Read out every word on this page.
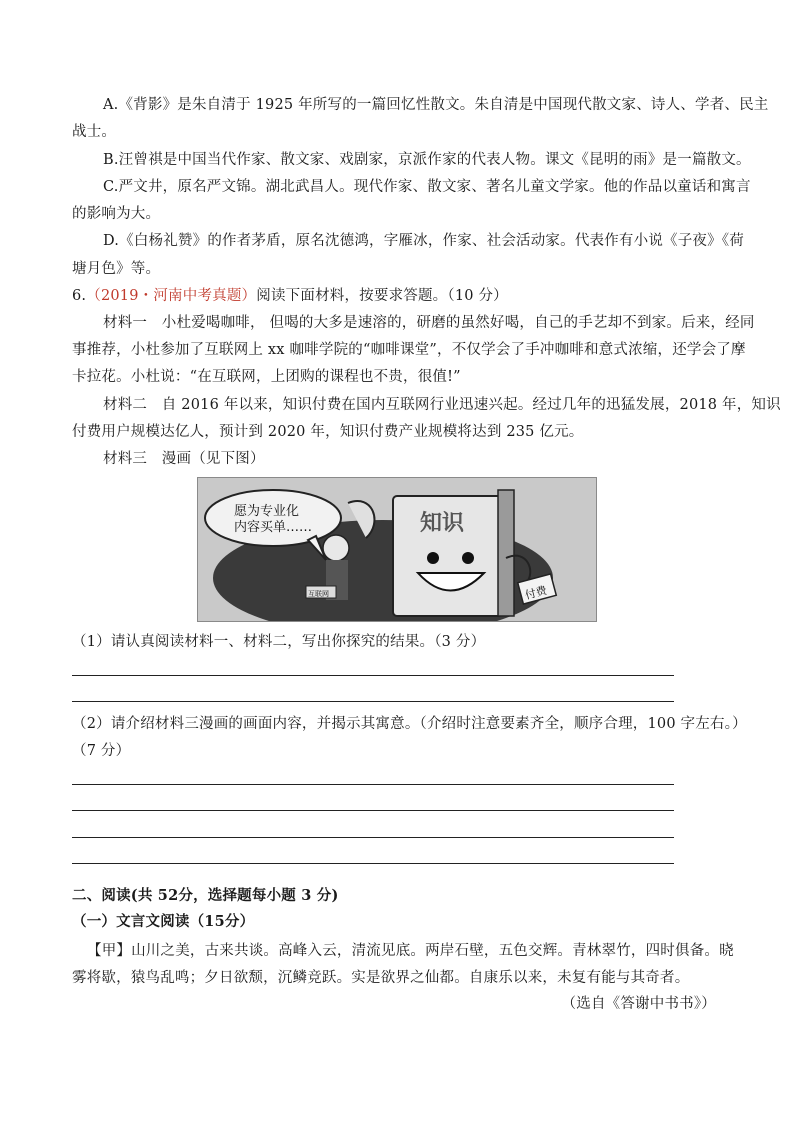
A.《背影》是朱自清于 1925 年所写的一篇回忆性散文。朱自清是中国现代散文家、诗人、学者、民主
战士。
B.汪曾祺是中国当代作家、散文家、戏剧家，京派作家的代表人物。课文《昆明的雨》是一篇散文。
C.严文井，原名严文锦。湖北武昌人。现代作家、散文家、著名儿童文学家。他的作品以童话和寓言
的影响为大。
D.《白杨礼赞》的作者茅盾，原名沈德鸿，字雁冰，作家、社会活动家。代表作有小说《子夜》《荷
塘月色》等。
6.（2019・河南中考真题）阅读下面材料，按要求答题。（10 分）
材料一　小杜爱喝咖啡， 但喝的大多是速溶的，研磨的虽然好喝，自己的手艺却不到家。后来，经同
事推荐，小杜参加了互联网上 xx 咖啡学院的“咖啡课堂”，不仅学会了手冲咖啡和意式浓缩，还学会了摩
卡拉花。小杜说：“在互联网，上团购的课程也不贵，很值!”
材料二　自 2016 年以来，知识付费在国内互联网行业迅速兴起。经过几年的迅猛发展，2018 年，知识
付费用户规模达亿人，预计到 2020 年，知识付费产业规模将达到 235 亿元。
材料三　漫画（见下图）
愿为专业化
内容买单……
互联网
知识
付费
（1）请认真阅读材料一、材料二，写出你探究的结果。（3 分）
（2）请介绍材料三漫画的画面内容，并揭示其寓意。（介绍时注意要素齐全，顺序合理，100 字左右。）
（7 分）
二、阅读(共 52分，选择题每小题 3 分)
（一）文言文阅读（15分）
【甲】山川之美，古来共谈。高峰入云，清流见底。两岸石壁，五色交辉。青林翠竹，四时俱备。晓
雾将歇，猿鸟乱鸣；夕日欲颓，沉鳞竞跃。实是欲界之仙都。自康乐以来，未复有能与其奇者。
（选自《答谢中书书》）
